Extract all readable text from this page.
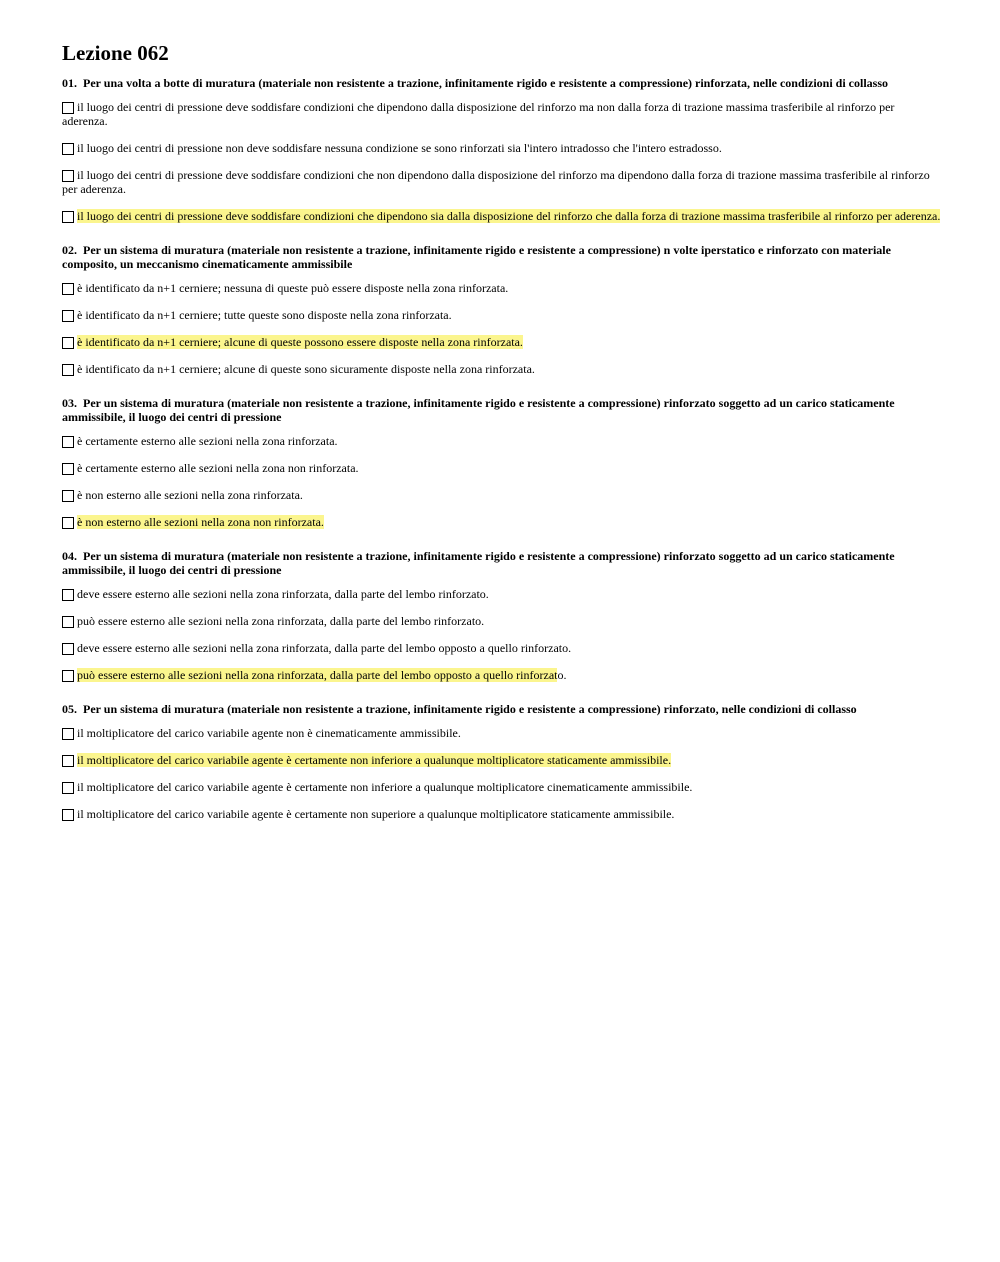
Lezione 062
01. Per una volta a botte di muratura (materiale non resistente a trazione, infinitamente rigido e resistente a compressione) rinforzata, nelle condizioni di collasso
il luogo dei centri di pressione deve soddisfare condizioni che dipendono dalla disposizione del rinforzo ma non dalla forza di trazione massima trasferibile al rinforzo per aderenza.
il luogo dei centri di pressione non deve soddisfare nessuna condizione se sono rinforzati sia l'intero intradosso che l'intero estradosso.
il luogo dei centri di pressione deve soddisfare condizioni che non dipendono dalla disposizione del rinforzo ma dipendono dalla forza di trazione massima trasferibile al rinforzo per aderenza.
il luogo dei centri di pressione deve soddisfare condizioni che dipendono sia dalla disposizione del rinforzo che dalla forza di trazione massima trasferibile al rinforzo per aderenza.
02. Per un sistema di muratura (materiale non resistente a trazione, infinitamente rigido e resistente a compressione) n volte iperstatico e rinforzato con materiale composito, un meccanismo cinematicamente ammissibile
è identificato da n+1 cerniere; nessuna di queste può essere disposte nella zona rinforzata.
è identificato da n+1 cerniere; tutte queste sono disposte nella zona rinforzata.
è identificato da n+1 cerniere; alcune di queste possono essere disposte nella zona rinforzata.
è identificato da n+1 cerniere; alcune di queste sono sicuramente disposte nella zona rinforzata.
03. Per un sistema di muratura (materiale non resistente a trazione, infinitamente rigido e resistente a compressione) rinforzato soggetto ad un carico staticamente ammissibile, il luogo dei centri di pressione
è certamente esterno alle sezioni nella zona rinforzata.
è certamente esterno alle sezioni nella zona non rinforzata.
è non esterno alle sezioni nella zona rinforzata.
è non esterno alle sezioni nella zona non rinforzata.
04. Per un sistema di muratura (materiale non resistente a trazione, infinitamente rigido e resistente a compressione) rinforzato soggetto ad un carico staticamente ammissibile, il luogo dei centri di pressione
deve essere esterno alle sezioni nella zona rinforzata, dalla parte del lembo rinforzato.
può essere esterno alle sezioni nella zona rinforzata, dalla parte del lembo rinforzato.
deve essere esterno alle sezioni nella zona rinforzata, dalla parte del lembo opposto a quello rinforzato.
può essere esterno alle sezioni nella zona rinforzata, dalla parte del lembo opposto a quello rinforzato.
05. Per un sistema di muratura (materiale non resistente a trazione, infinitamente rigido e resistente a compressione) rinforzato, nelle condizioni di collasso
il moltiplicatore del carico variabile agente non è cinematicamente ammissibile.
il moltiplicatore del carico variabile agente è certamente non inferiore a qualunque moltiplicatore staticamente ammissibile.
il moltiplicatore del carico variabile agente è certamente non inferiore a qualunque moltiplicatore cinematicamente ammissibile.
il moltiplicatore del carico variabile agente è certamente non superiore a qualunque moltiplicatore staticamente ammissibile.
